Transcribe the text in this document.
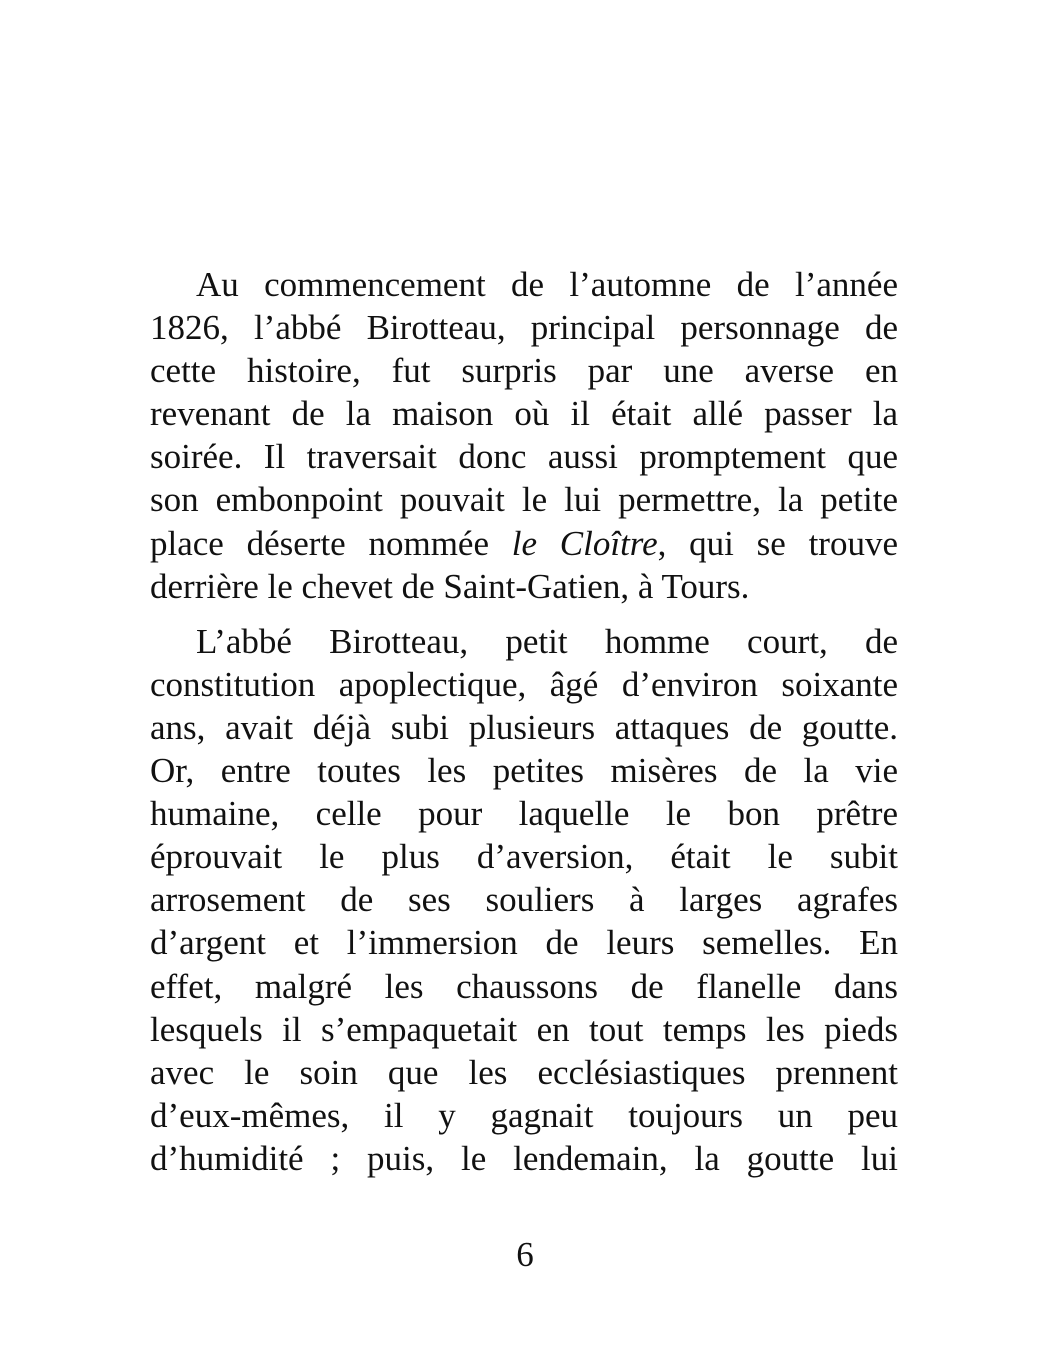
Au commencement de l’automne de l’année
1826, l’abbé Birotteau, principal personnage de
cette histoire, fut surpris par une averse en
revenant de la maison où il était allé passer la
soirée. Il traversait donc aussi promptement que
son embonpoint pouvait le lui permettre, la petite
place déserte nommée le Cloître, qui se trouve
derrière le chevet de Saint-Gatien, à Tours.
L’abbé Birotteau, petit homme court, de
constitution apoplectique, âgé d’environ soixante
ans, avait déjà subi plusieurs attaques de goutte.
Or, entre toutes les petites misères de la vie
humaine, celle pour laquelle le bon prêtre
éprouvait le plus d’aversion, était le subit
arrosement de ses souliers à larges agrafes
d’argent et l’immersion de leurs semelles. En
effet, malgré les chaussons de flanelle dans
lesquels il s’empaquetait en tout temps les pieds
avec le soin que les ecclésiastiques prennent
d’eux-mêmes, il y gagnait toujours un peu
d’humidité ; puis, le lendemain, la goutte lui
6
